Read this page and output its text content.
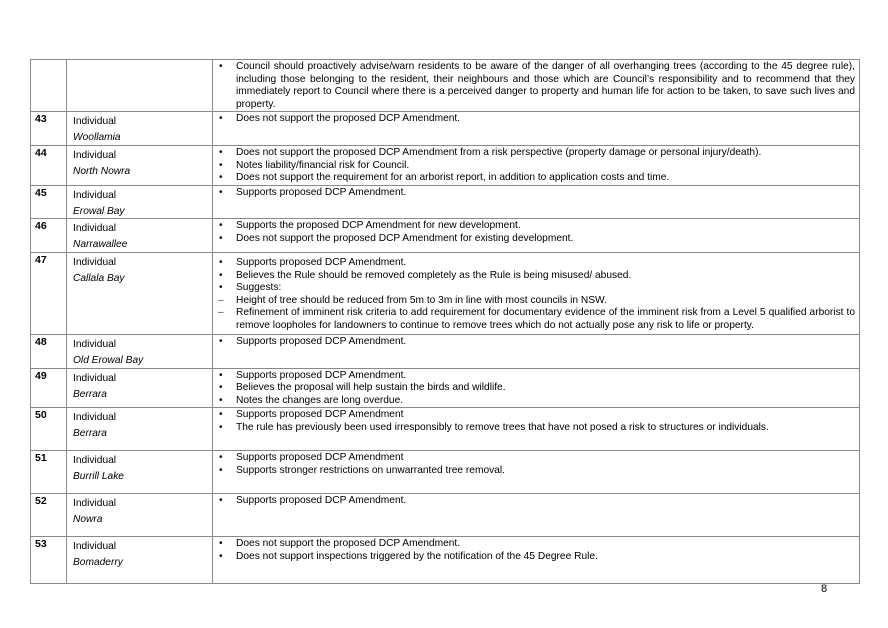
• Council should proactively advise/warn residents to be aware of the danger of all overhanging trees (according to the 45 degree rule), including those belonging to the resident, their neighbours and those which are Council’s responsibility and to recommend that they immediately report to Council where there is a perceived danger to property and human life for action to be taken, to save such lives and property.

43	Individual
Woollamia

• Does not support the proposed DCP Amendment.

44	Individual
North Nowra

• Does not support the proposed DCP Amendment from a risk perspective (property damage or personal injury/death).
• Notes liability/financial risk for Council.
• Does not support the requirement for an arborist report, in addition to application costs and time.

45	Individual
Erowal Bay

• Supports proposed DCP Amendment.

46	Individual
Narrawallee

• Supports the proposed DCP Amendment for new development.
• Does not support the proposed DCP Amendment for existing development.

47	Individual
Callala Bay

• Supports proposed DCP Amendment.
• Believes the Rule should be removed completely as the Rule is being misused/ abused.
• Suggests:
– Height of tree should be reduced from 5m to 3m in line with most councils in NSW.
– Refinement of imminent risk criteria to add requirement for documentary evidence of the imminent risk from a Level 5 qualified arborist to remove loopholes for landowners to continue to remove trees which do not actually pose any risk to life or property.

48	Individual
Old Erowal Bay

• Supports proposed DCP Amendment.

49	Individual
Berrara

• Supports proposed DCP Amendment.
• Believes the proposal will help sustain the birds and wildlife.
• Notes the changes are long overdue.

50	Individual
Berrara

• Supports proposed DCP Amendment
• The rule has previously been used irresponsibly to remove trees that have not posed a risk to structures or individuals.

51	Individual
Burrill Lake

• Supports proposed DCP Amendment
• Supports stronger restrictions on unwarranted tree removal.

52	Individual
Nowra

• Supports proposed DCP Amendment.

53	Individual
Bomaderry

• Does not support the proposed DCP Amendment.
• Does not support inspections triggered by the notification of the 45 Degree Rule.
8
